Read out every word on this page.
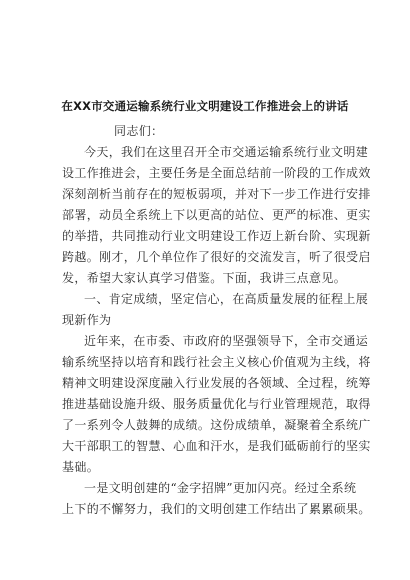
在XX市交通运输系统行业文明建设工作推进会上的讲话
同志们：
今天，我们在这里召开全市交通运输系统行业文明建
设工作推进会，主要任务是全面总结前一阶段的工作成效
深刻剖析当前存在的短板弱项，并对下一步工作进行安排
部署，动员全系统上下以更高的站位、更严的标准、更实
的举措，共同推动行业文明建设工作迈上新台阶、实现新
跨越。刚才，几个单位作了很好的交流发言，听了很受启
发，希望大家认真学习借鉴。下面，我讲三点意见。
一、肯定成绩，坚定信心，在高质量发展的征程上展
现新作为
近年来，在市委、市政府的坚强领导下，全市交通运
输系统坚持以培育和践行社会主义核心价值观为主线，将
精神文明建设深度融入行业发展的各领域、全过程，统筹
推进基础设施升级、服务质量优化与行业管理规范，取得
了一系列令人鼓舞的成绩。这份成绩单，凝聚着全系统广
大干部职工的智慧、心血和汗水，是我们砥砺前行的坚实
基础。
一是文明创建的“金字招牌”更加闪亮。经过全系统
上下的不懈努力，我们的文明创建工作结出了累累硕果。
